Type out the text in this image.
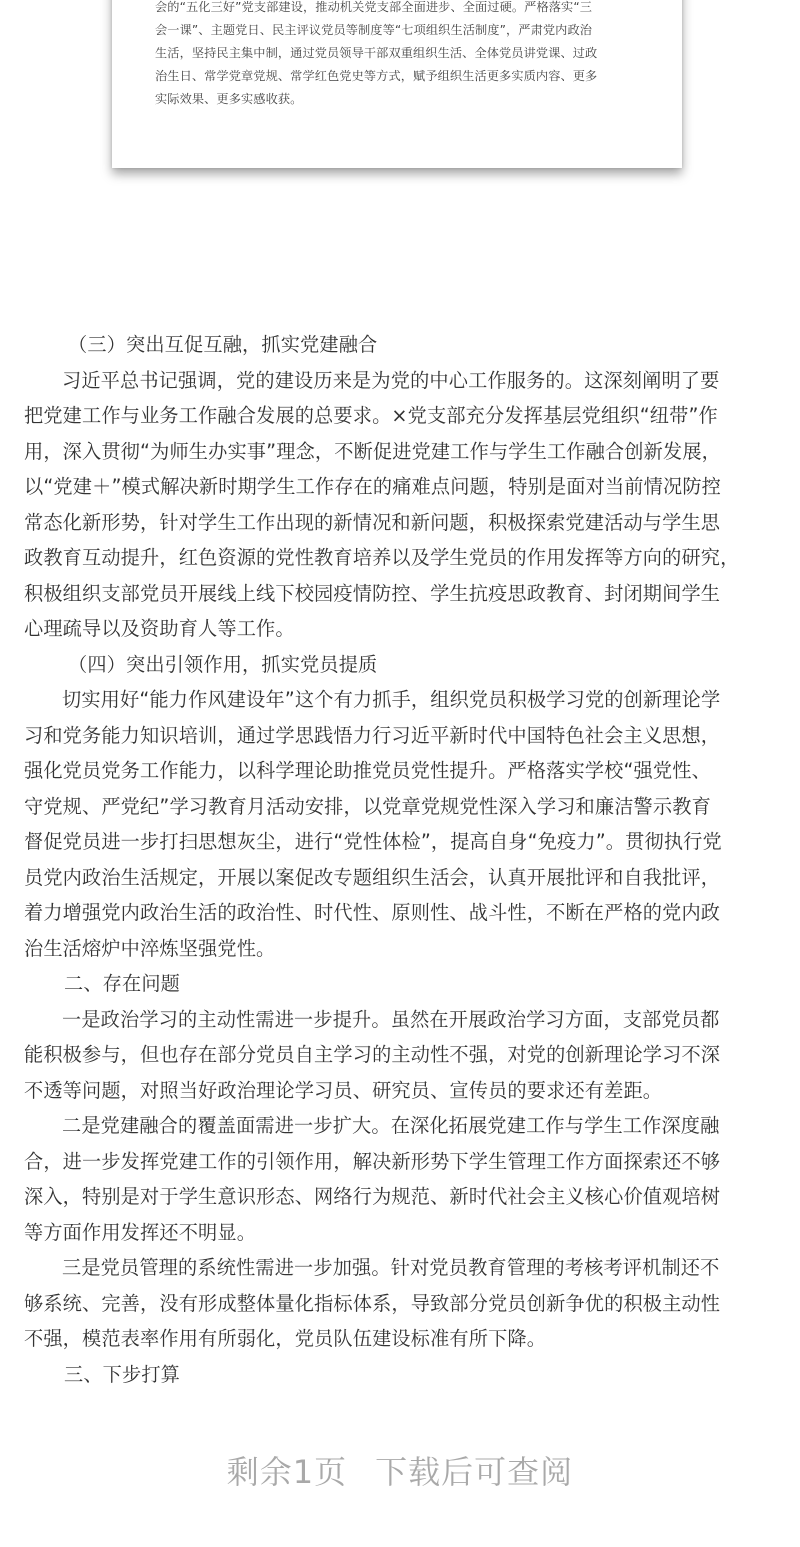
会的“五化三好”党支部建设，推动机关党支部全面进步、全面过硬。严格落实“三

会一课”、主题党日、民主评议党员等制度等“七项组织生活制度”，严肃党内政治

生活，坚持民主集中制，通过党员领导干部双重组织生活、全体党员讲党课、过政

治生日、常学党章党规、常学红色党史等方式，赋予组织生活更多实质内容、更多

实际效果、更多实感收获。

（三）突出互促互融，抓实党建融合

习近平总书记强调，党的建设历来是为党的中心工作服务的。这深刻阐明了要

把党建工作与业务工作融合发展的总要求。×党支部充分发挥基层党组织“纽带”作

用，深入贯彻“为师生办实事”理念，不断促进党建工作与学生工作融合创新发展，

以“党建＋”模式解决新时期学生工作存在的痛难点问题，特别是面对当前情况防控

常态化新形势，针对学生工作出现的新情况和新问题，积极探索党建活动与学生思

政教育互动提升，红色资源的党性教育培养以及学生党员的作用发挥等方向的研究，

积极组织支部党员开展线上线下校园疫情防控、学生抗疫思政教育、封闭期间学生

心理疏导以及资助育人等工作。

（四）突出引领作用，抓实党员提质

切实用好“能力作风建设年”这个有力抓手，组织党员积极学习党的创新理论学

习和党务能力知识培训，通过学思践悟力行习近平新时代中国特色社会主义思想，

强化党员党务工作能力，以科学理论助推党员党性提升。严格落实学校“强党性、

守党规、严党纪”学习教育月活动安排，以党章党规党性深入学习和廉洁警示教育

督促党员进一步打扫思想灰尘，进行“党性体检”，提高自身“免疫力”。贯彻执行党

员党内政治生活规定，开展以案促改专题组织生活会，认真开展批评和自我批评，

着力增强党内政治生活的政治性、时代性、原则性、战斗性，不断在严格的党内政

治生活熔炉中淬炼坚强党性。

二、存在问题

一是政治学习的主动性需进一步提升。虽然在开展政治学习方面，支部党员都

能积极参与，但也存在部分党员自主学习的主动性不强，对党的创新理论学习不深

不透等问题，对照当好政治理论学习员、研究员、宣传员的要求还有差距。

二是党建融合的覆盖面需进一步扩大。在深化拓展党建工作与学生工作深度融

合，进一步发挥党建工作的引领作用，解决新形势下学生管理工作方面探索还不够

深入，特别是对于学生意识形态、网络行为规范、新时代社会主义核心价值观培树

等方面作用发挥还不明显。

三是党员管理的系统性需进一步加强。针对党员教育管理的考核考评机制还不

够系统、完善，没有形成整体量化指标体系，导致部分党员创新争优的积极主动性

不强，模范表率作用有所弱化，党员队伍建设标准有所下降。

三、下步打算

剩余1页 下载后可查阅
